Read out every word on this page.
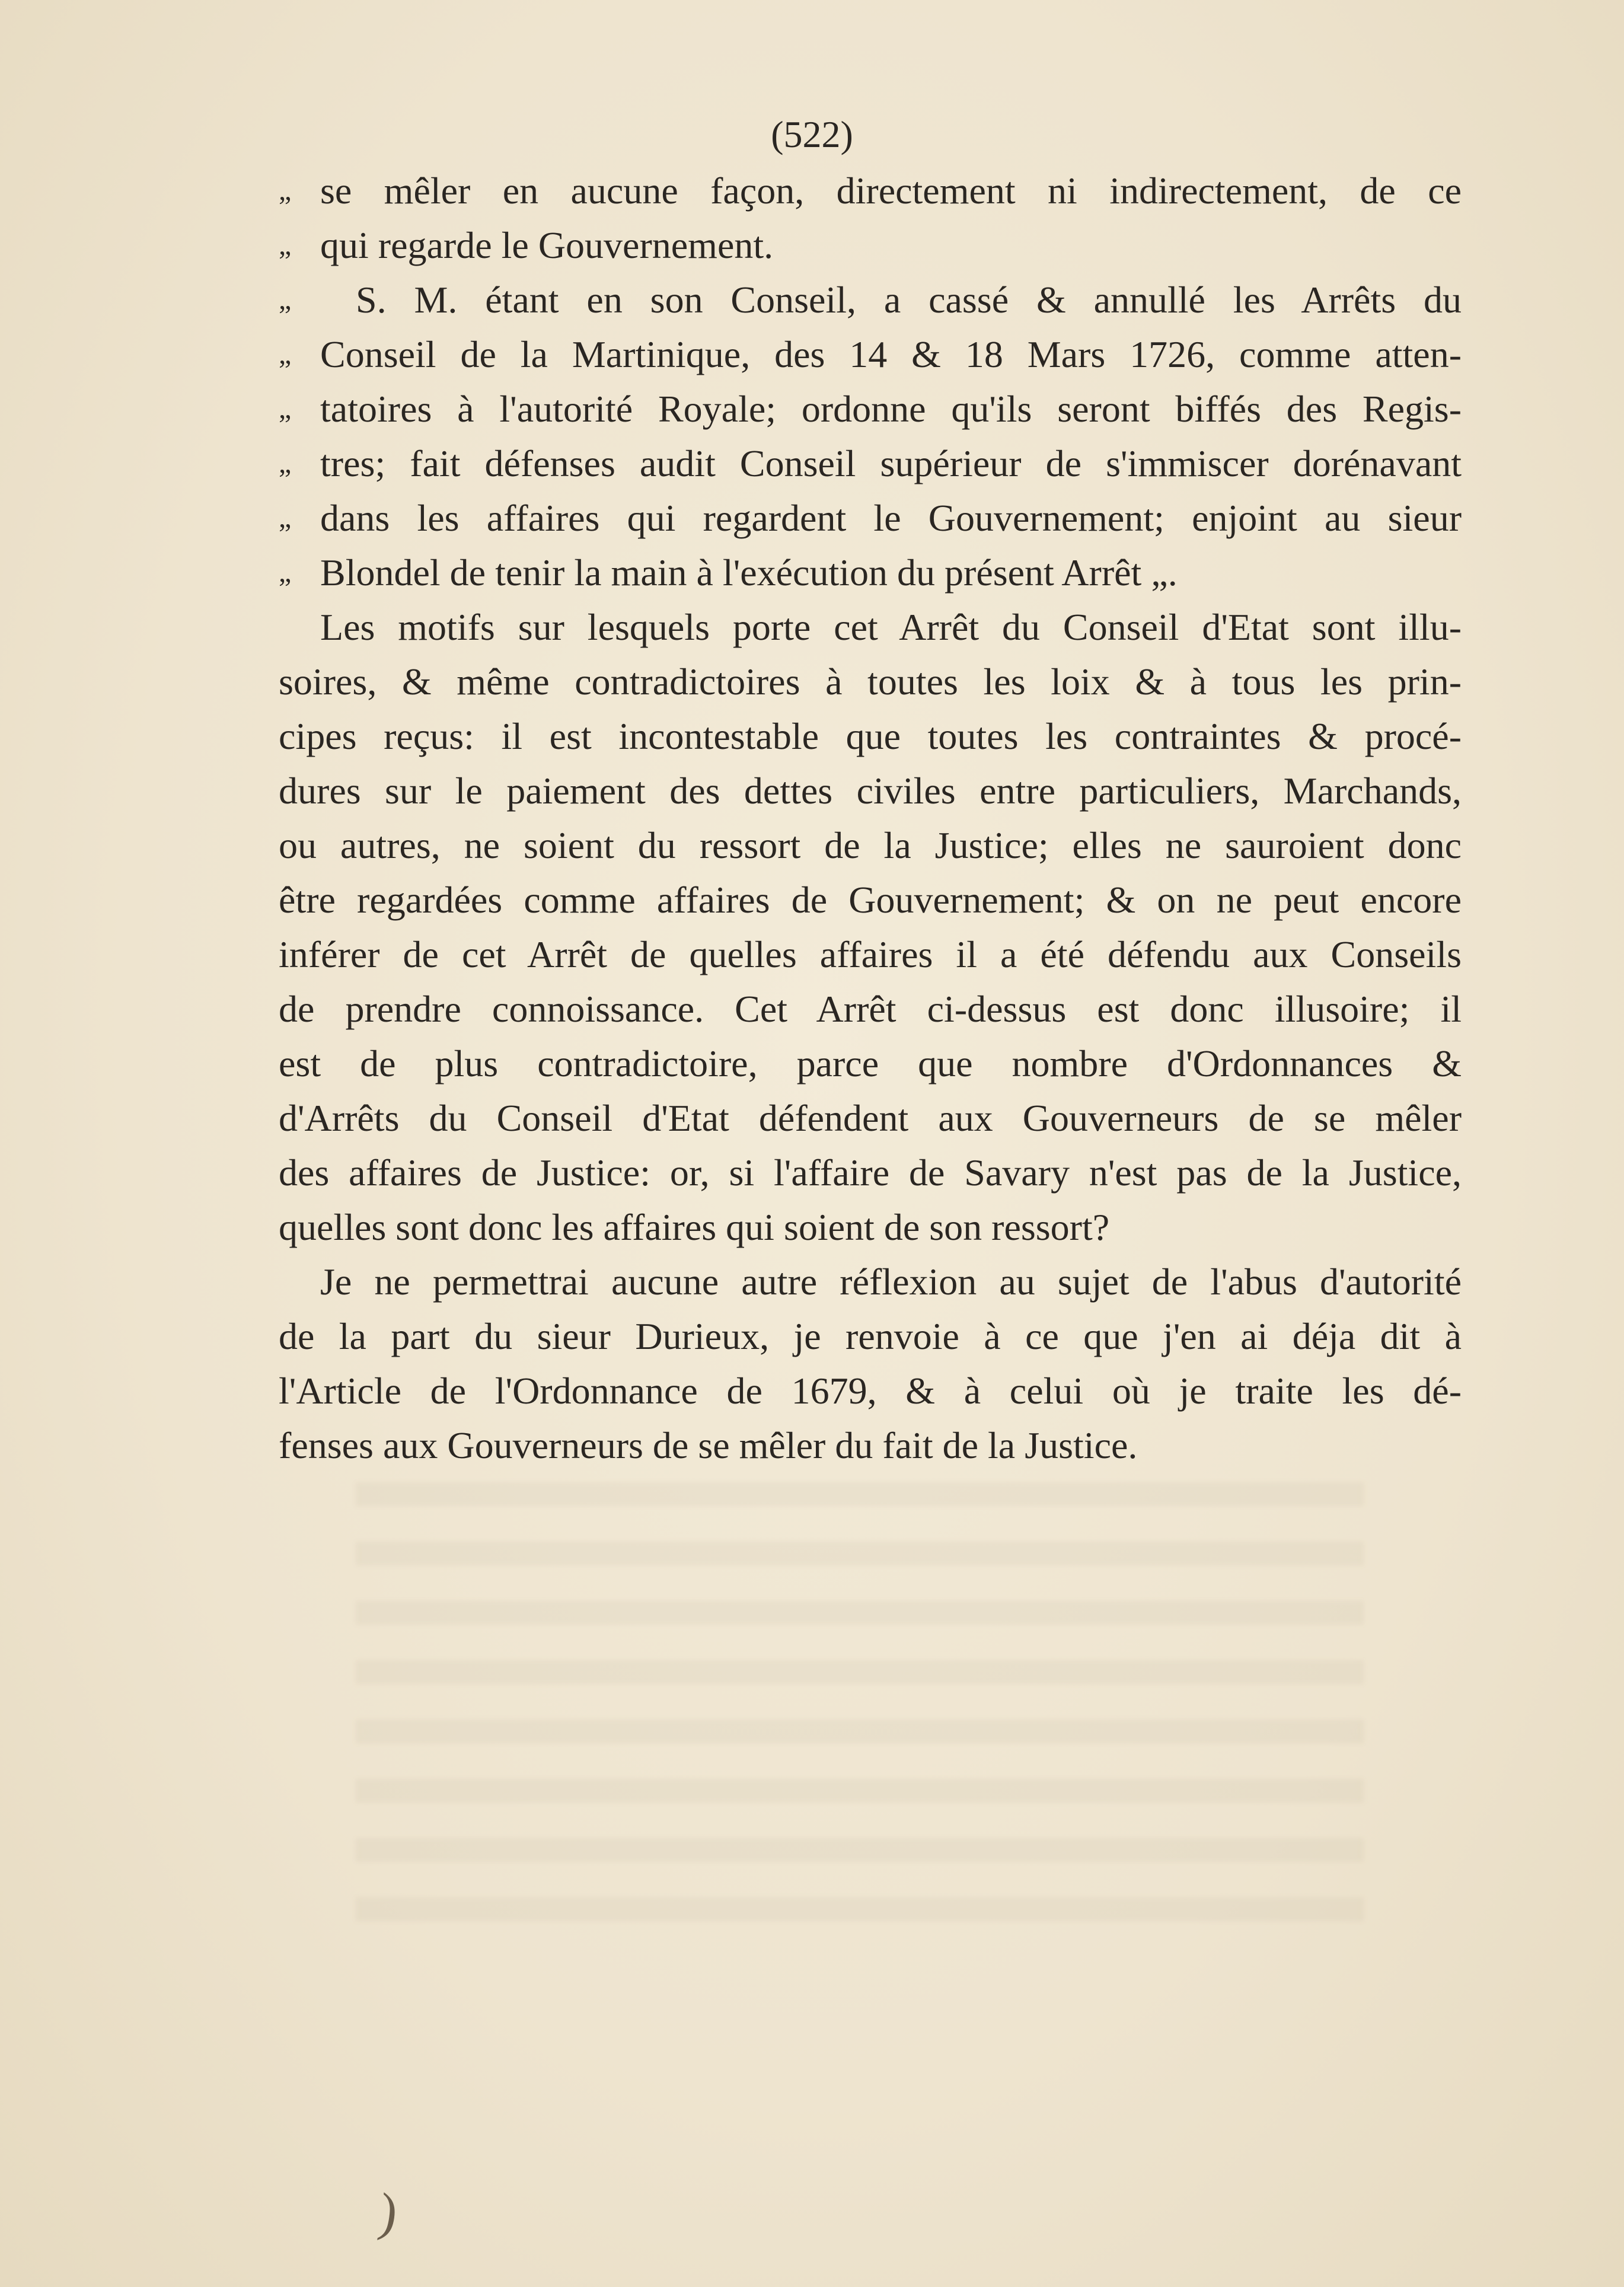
(522)

„ se mêler en aucune façon, directement ni indirectement, de ce
„ qui regarde le Gouvernement.
„ S. M. étant en son Conseil, a cassé & annullé les Arrêts du
„ Conseil de la Martinique, des 14 & 18 Mars 1726, comme atten-
„ tatoires à l'autorité Royale; ordonne qu'ils seront biffés des Regis-
„ tres; fait défenses audit Conseil supérieur de s'immiscer dorénavant
„ dans les affaires qui regardent le Gouvernement; enjoint au sieur
„ Blondel de tenir la main à l'exécution du présent Arrêt „.
Les motifs sur lesquels porte cet Arrêt du Conseil d'Etat sont illu-
soires, & même contradictoires à toutes les loix & à tous les prin-
cipes reçus: il est incontestable que toutes les contraintes & procé-
dures sur le paiement des dettes civiles entre particuliers, Marchands,
ou autres, ne soient du ressort de la Justice; elles ne sauroient donc
être regardées comme affaires de Gouvernement; & on ne peut encore
inférer de cet Arrêt de quelles affaires il a été défendu aux Conseils
de prendre connoissance. Cet Arrêt ci-dessus est donc illusoire; il
est de plus contradictoire, parce que nombre d'Ordonnances &
d'Arrêts du Conseil d'Etat défendent aux Gouverneurs de se mêler
des affaires de Justice: or, si l'affaire de Savary n'est pas de la Justice,
quelles sont donc les affaires qui soient de son ressort?
Je ne permettrai aucune autre réflexion au sujet de l'abus d'autorité
de la part du sieur Durieux, je renvoie à ce que j'en ai déja dit à
l'Article de l'Ordonnance de 1679, & à celui où je traite les dé-
fenses aux Gouverneurs de se mêler du fait de la Justice.
)
